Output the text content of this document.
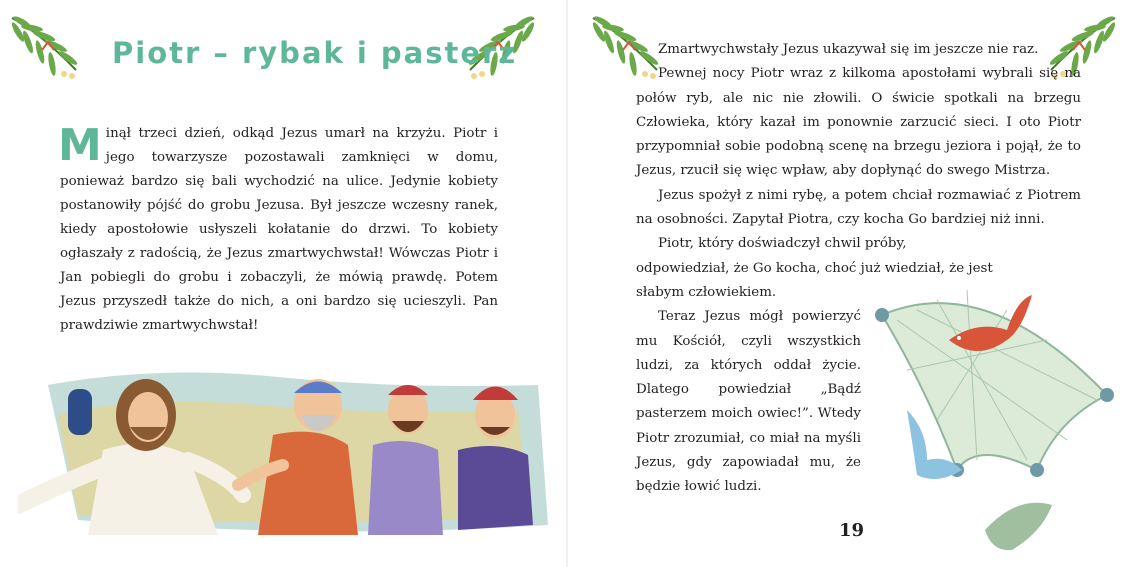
Piotr – rybak i pasterz
Minął trzeci dzień, odkąd Jezus umarł na krzyżu. Piotr i jego towarzysze pozostawali zamknięci w domu, ponieważ bardzo się bali wychodzić na ulice. Jedynie kobiety postanowiły pójść do grobu Jezusa. Był jeszcze wczesny ranek, kiedy apostołowie usłyszeli kołatanie do drzwi. To kobiety ogłaszały z radością, że Jezus zmartwychwstał! Wówczas Piotr i Jan pobiegli do grobu i zobaczyli, że mówią prawdę. Potem Jezus przyszedł także do nich, a oni bardzo się ucieszyli. Pan prawdziwie zmartwychwstał!

Zmartwychwstały Jezus ukazywał się im jeszcze nie raz.

Pewnej nocy Piotr wraz z kilkoma apostołami wybrali się na połów ryb, ale nic nie złowili. O świcie spotkali na brzegu Człowieka, który kazał im ponownie zarzucić sieci. I oto Piotr przypomniał sobie podobną scenę na brzegu jeziora i pojął, że to Jezus, rzucił się więc wpław, aby dopłynąć do swego Mistrza.

Jezus spożył z nimi rybę, a potem chciał rozmawiać z Piotrem na osobności. Zapytał Piotra, czy kocha Go bardziej niż inni.

Piotr, który doświadczył chwil próby, odpowiedział, że Go kocha, choć już wiedział, że jest słabym człowiekiem.

Teraz Jezus mógł powierzyć mu Kościół, czyli wszystkich ludzi, za których oddał życie. Dlatego powiedział „Bądź pasterzem moich owiec!”. Wtedy Piotr zrozumiał, co miał na myśli Jezus, gdy zapowiadał mu, że będzie łowić ludzi.

19
